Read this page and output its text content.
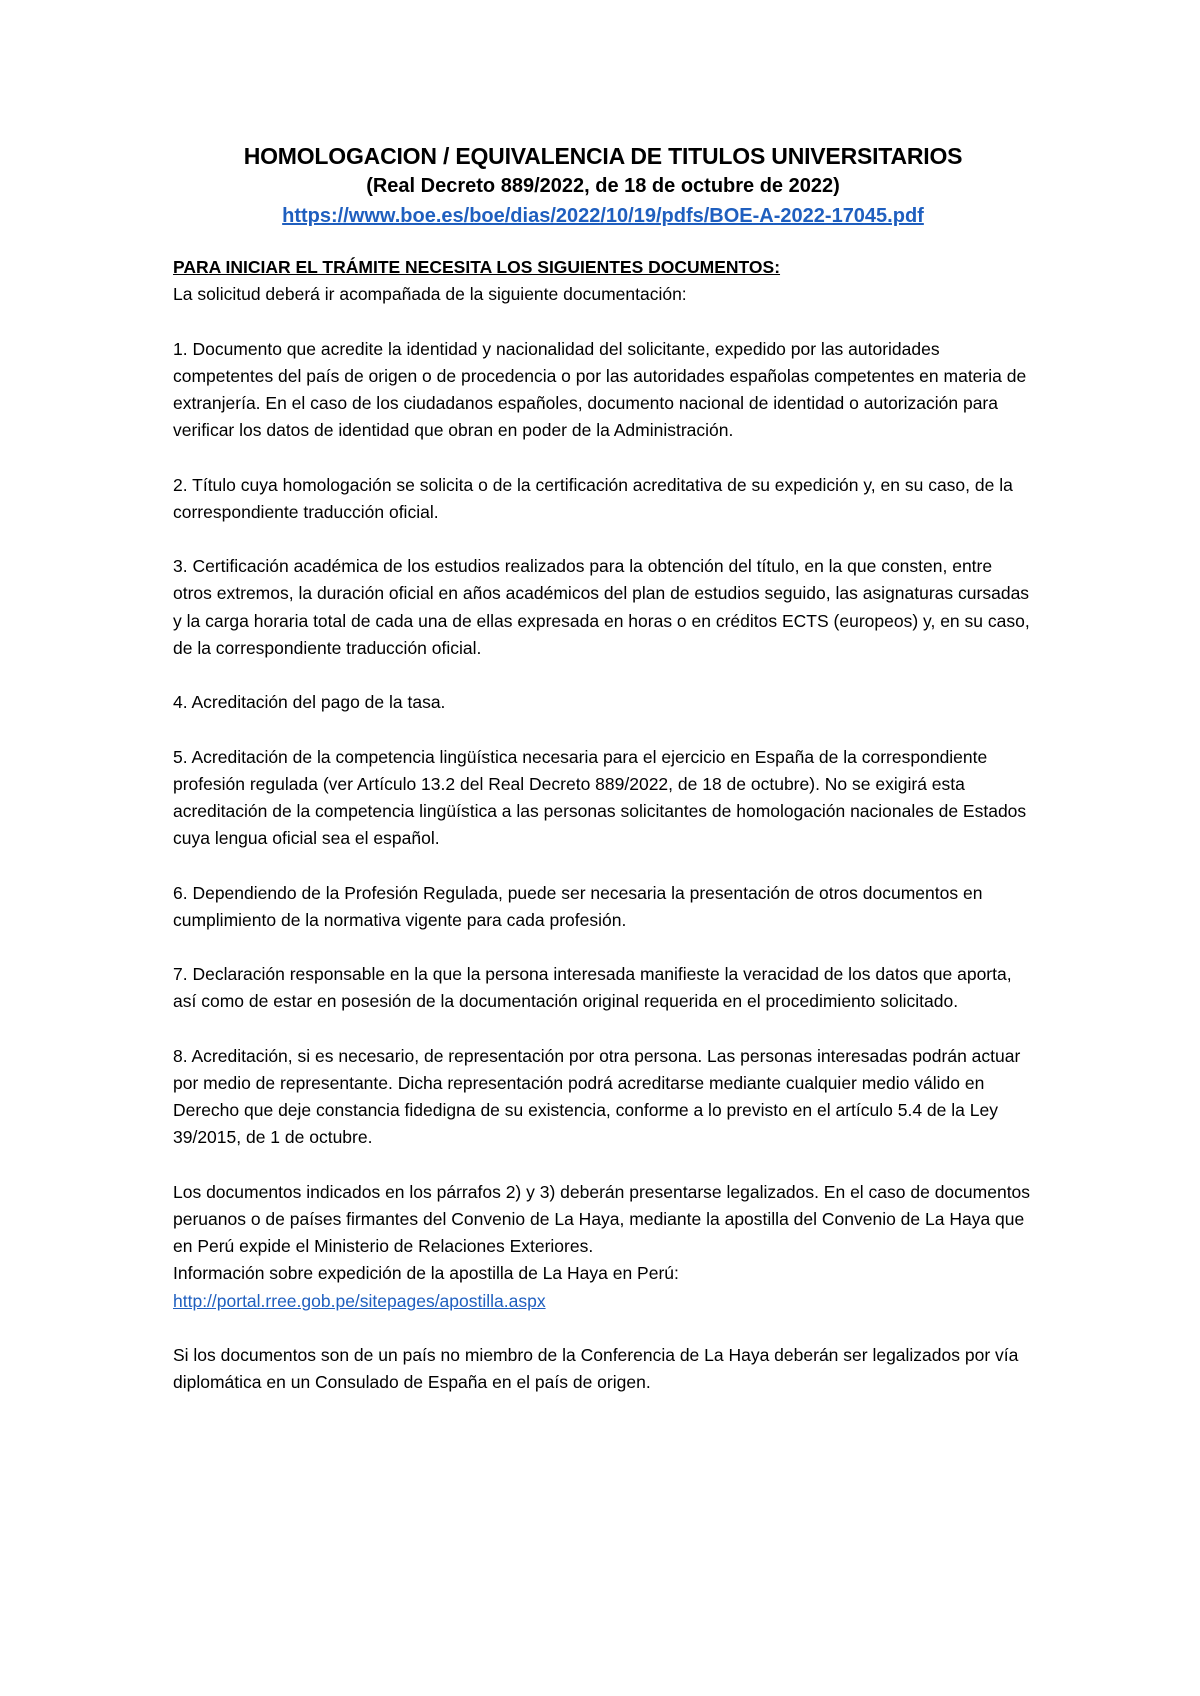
HOMOLOGACION / EQUIVALENCIA DE TITULOS UNIVERSITARIOS
(Real Decreto 889/2022, de 18 de octubre de 2022)
https://www.boe.es/boe/dias/2022/10/19/pdfs/BOE-A-2022-17045.pdf
PARA INICIAR EL TRÁMITE NECESITA LOS SIGUIENTES DOCUMENTOS:

La solicitud deberá ir acompañada de la siguiente documentación:

1. Documento que acredite la identidad y nacionalidad del solicitante, expedido por las autoridades competentes del país de origen o de procedencia o por las autoridades españolas competentes en materia de extranjería. En el caso de los ciudadanos españoles, documento nacional de identidad o autorización para verificar los datos de identidad que obran en poder de la Administración.

2. Título cuya homologación se solicita o de la certificación acreditativa de su expedición y, en su caso, de la correspondiente traducción oficial.

3. Certificación académica de los estudios realizados para la obtención del título, en la que consten, entre otros extremos, la duración oficial en años académicos del plan de estudios seguido, las asignaturas cursadas y la carga horaria total de cada una de ellas expresada en horas o en créditos ECTS (europeos) y, en su caso, de la correspondiente traducción oficial.

4. Acreditación del pago de la tasa.

5. Acreditación de la competencia lingüística necesaria para el ejercicio en España de la correspondiente profesión regulada (ver Artículo 13.2 del Real Decreto 889/2022, de 18 de octubre). No se exigirá esta acreditación de la competencia lingüística a las personas solicitantes de homologación nacionales de Estados cuya lengua oficial sea el español.

6. Dependiendo de la Profesión Regulada, puede ser necesaria la presentación de otros documentos en cumplimiento de la normativa vigente para cada profesión.

7. Declaración responsable en la que la persona interesada manifieste la veracidad de los datos que aporta, así como de estar en posesión de la documentación original requerida en el procedimiento solicitado.

8. Acreditación, si es necesario, de representación por otra persona. Las personas interesadas podrán actuar por medio de representante. Dicha representación podrá acreditarse mediante cualquier medio válido en Derecho que deje constancia fidedigna de su existencia, conforme a lo previsto en el artículo 5.4 de la Ley 39/2015, de 1 de octubre.

Los documentos indicados en los párrafos 2) y 3) deberán presentarse legalizados. En el caso de documentos peruanos o de países firmantes del Convenio de La Haya, mediante la apostilla del Convenio de La Haya que en Perú expide el Ministerio de Relaciones Exteriores.

Información sobre expedición de la apostilla de La Haya en Perú:

http://portal.rree.gob.pe/sitepages/apostilla.aspx

Si los documentos son de un país no miembro de la Conferencia de La Haya deberán ser legalizados por vía diplomática en un Consulado de España en el país de origen.
